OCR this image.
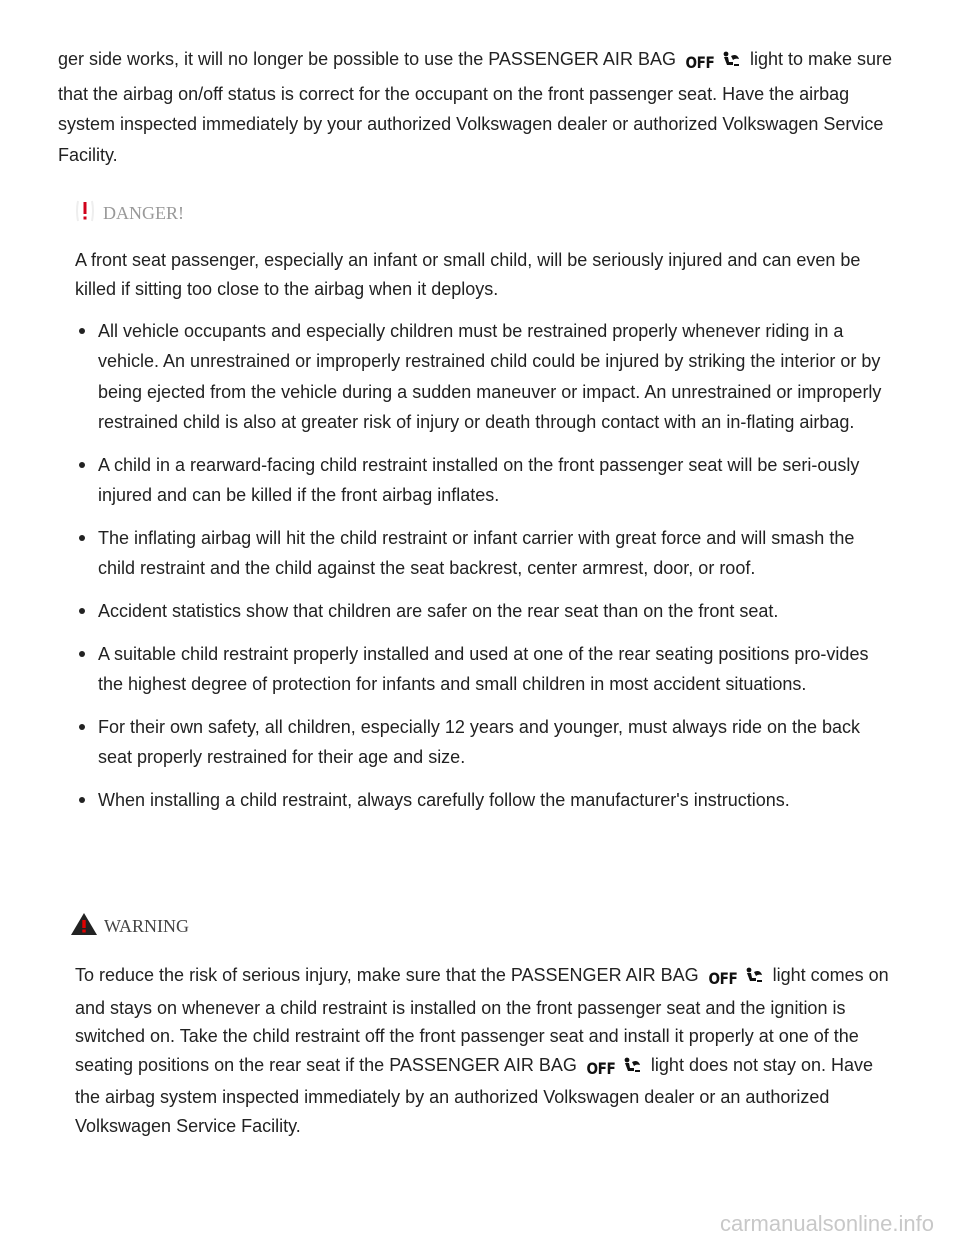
ger side works, it will no longer be possible to use the PASSENGER AIR BAG OFF light to make sure that the airbag on/off status is correct for the occupant on the front passenger seat. Have the airbag system inspected immediately by your authorized Volkswagen dealer or authorized Volkswagen Service Facility.

DANGER!

A front seat passenger, especially an infant or small child, will be seriously injured and can even be killed if sitting too close to the airbag when it deploys.

All vehicle occupants and especially children must be restrained properly whenever riding in a vehicle. An unrestrained or improperly restrained child could be injured by striking the interior or by being ejected from the vehicle during a sudden maneuver or impact. An unrestrained or improperly restrained child is also at greater risk of injury or death through contact with an in-flating airbag.
A child in a rearward-facing child restraint installed on the front passenger seat will be seri-ously injured and can be killed if the front airbag inflates.
The inflating airbag will hit the child restraint or infant carrier with great force and will smash the child restraint and the child against the seat backrest, center armrest, door, or roof.
Accident statistics show that children are safer on the rear seat than on the front seat.
A suitable child restraint properly installed and used at one of the rear seating positions pro-vides the highest degree of protection for infants and small children in most accident situations.
For their own safety, all children, especially 12 years and younger, must always ride on the back seat properly restrained for their age and size.
When installing a child restraint, always carefully follow the manufacturer's instructions.
WARNING

To reduce the risk of serious injury, make sure that the PASSENGER AIR BAG OFF light comes on and stays on whenever a child restraint is installed on the front passenger seat and the ignition is switched on. Take the child restraint off the front passenger seat and install it properly at one of the seating positions on the rear seat if the PASSENGER AIR BAG OFF light does not stay on. Have the airbag system inspected immediately by an authorized Volkswagen dealer or an authorized Volkswagen Service Facility.

carmanualsonline.info
